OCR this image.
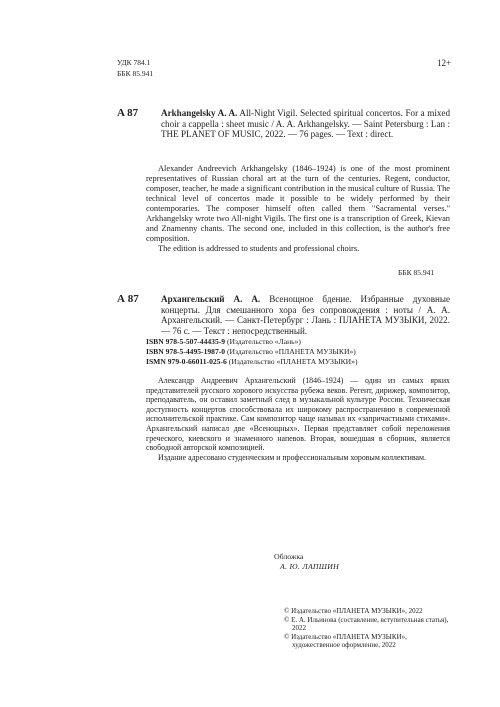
УДК 784.1
ББК 85.941
12+
A 87	Arkhangelsky A. A. All-Night Vigil. Selected spiritual concertos. For a mixed choir a cappella : sheet music / A. A. Arkhangelsky. — Saint Petersburg : Lan : THE PLANET OF MUSIC, 2022. — 76 pages. — Text : direct.

Alexander Andreevich Arkhangelsky (1846–1924) is one of the most prominent representatives of Russian choral art at the turn of the centuries. Regent, conductor, composer, teacher, he made a significant contribution in the musical culture of Russia. The technical level of concertos made it possible to be widely performed by their contemporaries. The composer himself often called them "Sacramental verses." Arkhangelsky wrote two All-night Vigils. The first one is a transcription of Greek, Kievan and Znamenny chants. The second one, included in this collection, is the author's free composition.

The edition is addressed to students and professional choirs.

ББК 85.941
А 87 Архангельский А. А. Всенощное бдение. Избранные духовные концерты. Для смешанного хора без сопровождения : ноты / А. А. Архангельский. — Санкт-Петербург : Лань : ПЛАНЕТА МУЗЫКИ, 2022. — 76 с. — Текст : непосредственный.
ISBN 978-5-507-44435-9 (Издательство «Лань»)
ISBN 978-5-4495-1987-0 (Издательство «ПЛАНЕТА МУЗЫКИ»)
ISMN 979-0-66011-025-6 (Издательство «ПЛАНЕТА МУЗЫКИ»)

Александр Андреевич Архангельский (1846–1924) — один из самых ярких представителей русского хорового искусства рубежа веков. Регент, дирижер, композитор, преподаватель, он оставил заметный след в музыкальной культуре России. Техническая доступность концертов способствовала их широкому распространению в современной исполнительской практике. Сам композитор чаще называл их «запричастными стихами». Архангельский написал две «Всенощных». Первая представляет собой переложения греческого, киевского и знаменного напевов. Вторая, вошедшая в сборник, является свободной авторской композицией.

Издание адресовано студенческим и профессиональным хоровым коллективам.

Обложка
А. Ю. ЛАПШИН
© Издательство «ПЛАНЕТА МУЗЫКИ», 2022
© Е. А. Ильинова (составление, вступительная статья), 2022
© Издательство «ПЛАНЕТА МУЗЫКИ», художественное оформление, 2022
